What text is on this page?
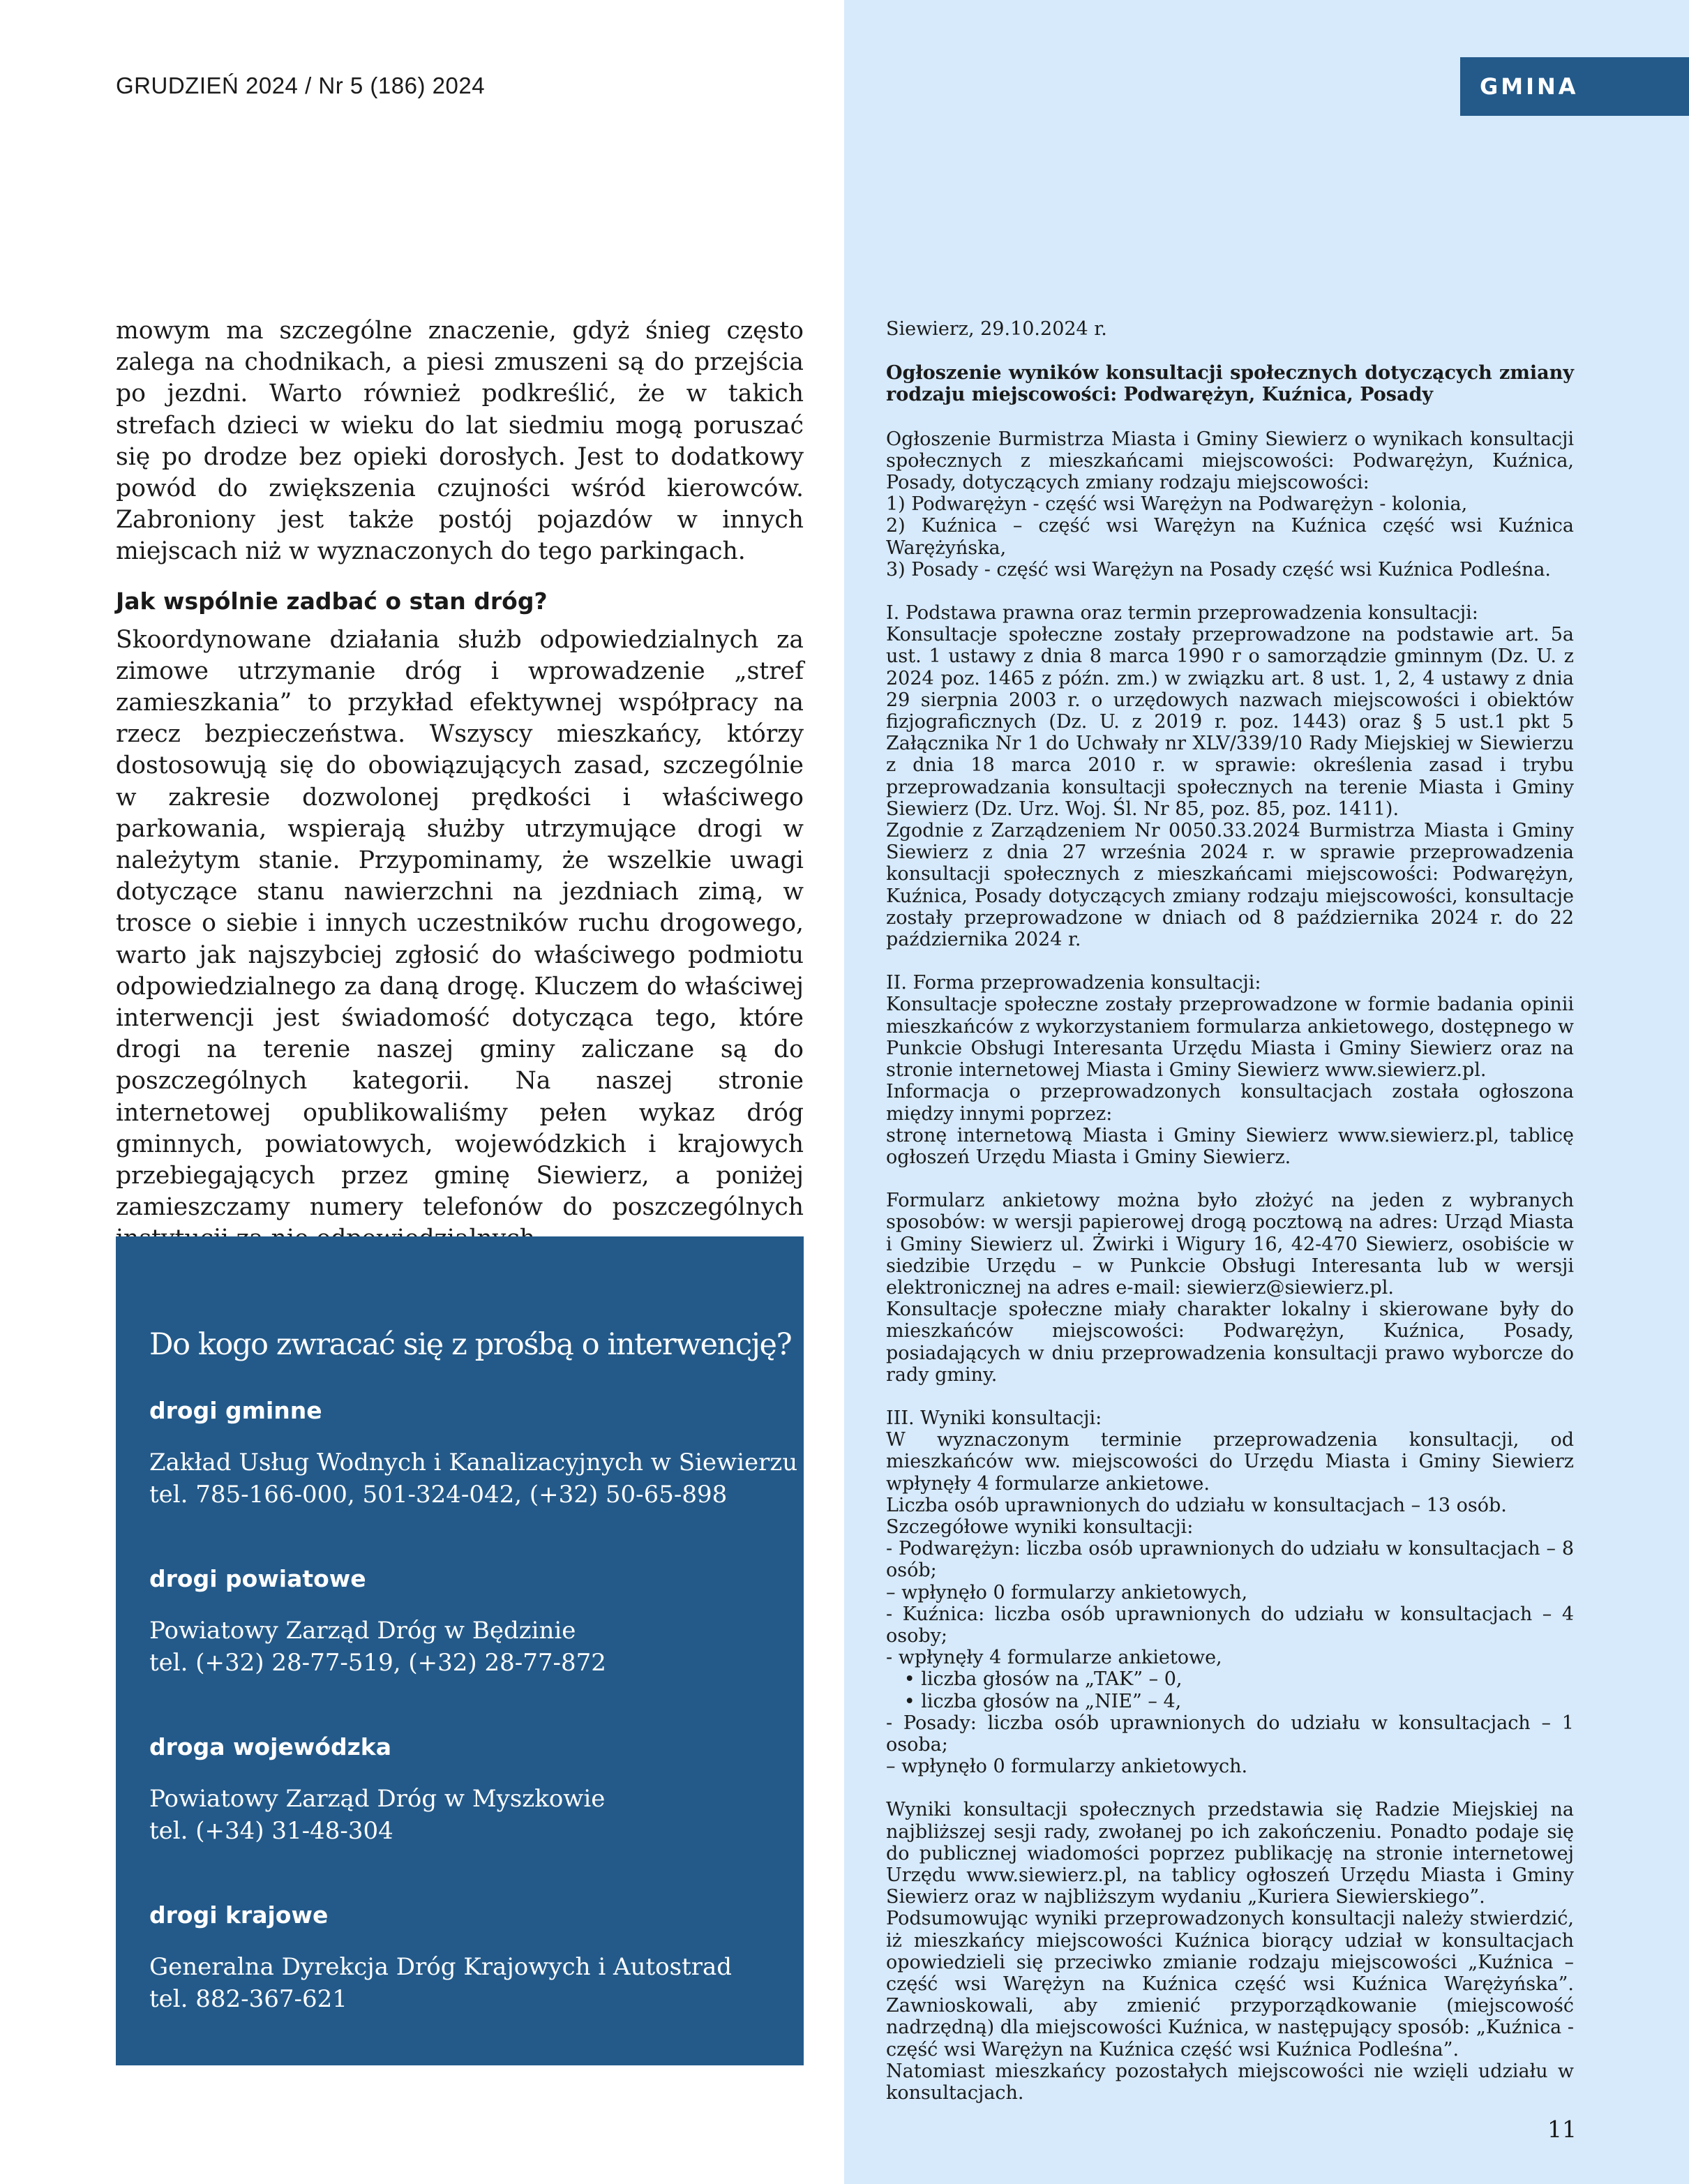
GRUDZIEŃ 2024 / Nr 5 (186) 2024	GMINA

mowym ma szczególne znaczenie, gdyż śnieg często zalega na chodnikach, a piesi zmuszeni są do przejścia po jezdni. Warto również podkreślić, że w takich strefach dzieci w wieku do lat siedmiu mogą poruszać się po drodze bez opieki dorosłych. Jest to dodatkowy powód do zwiększenia czujności wśród kierowców. Zabroniony jest także postój pojazdów w innych miejscach niż w wyznaczonych do tego parkingach.

Jak wspólnie zadbać o stan dróg?

Skoordynowane działania służb odpowiedzialnych za zimowe utrzymanie dróg i wprowadzenie „stref zamieszkania” to przykład efektywnej współpracy na rzecz bezpieczeństwa. Wszyscy mieszkańcy, którzy dostosowują się do obowiązujących zasad, szczególnie w zakresie dozwolonej prędkości i właściwego parkowania, wspierają służby utrzymujące drogi w należytym stanie. Przypominamy, że wszelkie uwagi dotyczące stanu nawierzchni na jezdniach zimą, w trosce o siebie i innych uczestników ruchu drogowego, warto jak najszybciej zgłosić do właściwego podmiotu odpowiedzialnego za daną drogę. Kluczem do właściwej interwencji jest świadomość dotycząca tego, które drogi na terenie naszej gminy zaliczane są do poszczególnych kategorii. Na naszej stronie internetowej opublikowaliśmy pełen wykaz dróg gminnych, powiatowych, wojewódzkich i krajowych przebiegających przez gminę Siewierz, a poniżej zamieszczamy numery telefonów do poszczególnych

Do kogo zwracać się z prośbą o interwencję?
drogi gminne
Zakład Usług Wodnych i Kanalizacyjnych w Siewierzu
tel. 785-166-000, 501-324-042, (+32) 50-65-898
drogi powiatowe
Powiatowy Zarząd Dróg w Będzinie
tel. (+32) 28-77-519, (+32) 28-77-872
droga wojewódzka
Powiatowy Zarząd Dróg w Myszkowie
tel. (+34) 31-48-304
drogi krajowe
Generalna Dyrekcja Dróg Krajowych i Autostrad
tel. 882-367-621

Siewierz, 29.10.2024 r.

Ogłoszenie wyników konsultacji społecznych dotyczących zmiany rodzaju miejscowości: Podwarężyn, Kuźnica, Posady

Ogłoszenie Burmistrza Miasta i Gminy Siewierz o wynikach konsultacji społecznych z mieszkańcami miejscowości: Podwarężyn, Kuźnica, Posady, dotyczących zmiany rodzaju miejscowości:

1) Podwarężyn - część wsi Warężyn na Podwarężyn - kolonia,

2) Kuźnica – część wsi Warężyn na Kuźnica część wsi Kuźnica Warężyńska,

3) Posady - część wsi Warężyn na Posady część wsi Kuźnica Podleśna.

I. Podstawa prawna oraz termin przeprowadzenia konsultacji:

Konsultacje społeczne zostały przeprowadzone na podstawie art. 5a ust. 1 ustawy z dnia 8 marca 1990 r o samorządzie gminnym (Dz. U. z 2024 poz. 1465 z późn. zm.) w związku art. 8 ust. 1, 2, 4 ustawy z dnia 29 sierpnia 2003 r. o urzędowych nazwach miejscowości i obiektów fizjograficznych (Dz. U. z 2019 r. poz. 1443) oraz § 5 ust.1 pkt 5 Załącznika Nr 1 do Uchwały nr XLV/339/10 Rady Miejskiej w Siewierzu z dnia 18 marca 2010 r. w sprawie: określenia zasad i trybu przeprowadzania konsultacji społecznych na terenie Miasta i Gminy Siewierz (Dz. Urz. Woj. Śl. Nr 85, poz. 85, poz. 1411).

Zgodnie z Zarządzeniem Nr 0050.33.2024 Burmistrza Miasta i Gminy Siewierz z dnia 27 września 2024 r. w sprawie przeprowadzenia konsultacji społecznych z mieszkańcami miejscowości: Podwarężyn, Kuźnica, Posady dotyczących zmiany rodzaju miejscowości, konsultacje zostały przeprowadzone w dniach od 8 października 2024 r. do 22 października 2024 r.

II. Forma przeprowadzenia konsultacji:

Konsultacje społeczne zostały przeprowadzone w formie badania opinii mieszkańców z wykorzystaniem formularza ankietowego, dostępnego w Punkcie Obsługi Interesanta Urzędu Miasta i Gminy Siewierz oraz na stronie internetowej Miasta i Gminy Siewierz www.siewierz.pl.

Informacja o przeprowadzonych konsultacjach została ogłoszona między innymi poprzez:

stronę internetową Miasta i Gminy Siewierz www.siewierz.pl, tablicę ogłoszeń Urzędu Miasta i Gminy Siewierz.

Formularz ankietowy można było złożyć na jeden z wybranych sposobów: w wersji papierowej drogą pocztową na adres: Urząd Miasta i Gminy Siewierz ul. Żwirki i Wigury 16, 42-470 Siewierz, osobiście w siedzibie Urzędu – w Punkcie Obsługi Interesanta lub w wersji elektronicznej na adres e-mail: siewierz@siewierz.pl.

Konsultacje społeczne miały charakter lokalny i skierowane były do mieszkańców miejscowości: Podwarężyn, Kuźnica, Posady, posiadających w dniu przeprowadzenia konsultacji prawo wyborcze do rady gminy.

III. Wyniki konsultacji:

W wyznaczonym terminie przeprowadzenia konsultacji, od mieszkańców ww. miejscowości do Urzędu Miasta i Gminy Siewierz wpłynęły 4 formularze ankietowe.

Liczba osób uprawnionych do udziału w konsultacjach – 13 osób.

Szczegółowe wyniki konsultacji:

- Podwarężyn: liczba osób uprawnionych do udziału w konsultacjach – 8 osób;

– wpłynęło 0 formularzy ankietowych,

- Kuźnica: liczba osób uprawnionych do udziału w konsultacjach – 4 osoby;

- wpłynęły 4 formularze ankietowe,

• liczba głosów na „TAK” – 0,

• liczba głosów na „NIE” – 4,

- Posady: liczba osób uprawnionych do udziału w konsultacjach – 1 osoba;

– wpłynęło 0 formularzy ankietowych.

Wyniki konsultacji społecznych przedstawia się Radzie Miejskiej na najbliższej sesji rady, zwołanej po ich zakończeniu. Ponadto podaje się do publicznej wiadomości poprzez publikację na stronie internetowej Urzędu www.siewierz.pl, na tablicy ogłoszeń Urzędu Miasta i Gminy Siewierz oraz w najbliższym wydaniu „Kuriera Siewierskiego”.

Podsumowując wyniki przeprowadzonych konsultacji należy stwierdzić, iż mieszkańcy miejscowości Kuźnica biorący udział w konsultacjach opowiedzieli się przeciwko zmianie rodzaju miejscowości „Kuźnica – część wsi Warężyn na Kuźnica część wsi Kuźnica Warężyńska”. Zawnioskowali, aby zmienić przyporządkowanie (miejscowość nadrzędną) dla miejscowości Kuźnica, w następujący sposób: „Kuźnica - część wsi Warężyn na Kuźnica część wsi Kuźnica Podleśna”.

Natomiast mieszkańcy pozostałych miejscowości nie wzięli udziału w konsultacjach.

11
